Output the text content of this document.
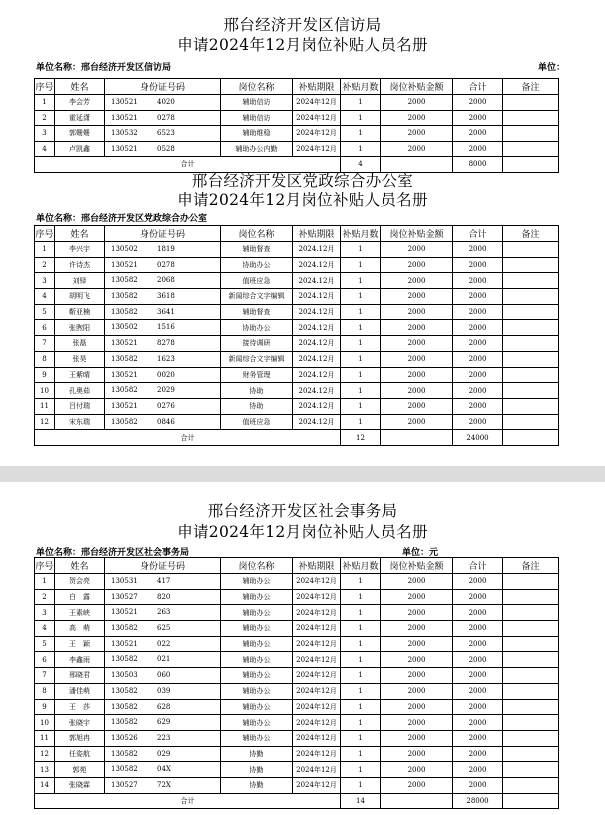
邢台经济开发区信访局
申请2024年12月岗位补贴人员名册
单位名称：邢台经济开发区信访局	单位：
序号	姓名	身份证号码	岗位名称	补贴期限	补贴月数	岗位补贴金额	合计	备注
1	李会芳	130521 4020	辅助信访	2024年12月	1	2000	2000	
2	霍延潇	130521 0278	辅助信访	2024年12月	1	2000	2000	
3	郭姗姗	130532 6523	辅助维稳	2024年12月	1	2000	2000	
4	卢凯鑫	130521 0528	辅助办公内勤	2024年12月	1	2000	2000	
合计					4		8000	
邢台经济开发区党政综合办公室
申请2024年12月岗位补贴人员名册
单位名称：邢台经济开发区党政综合办公室
序号	姓名	身份证号码	岗位名称	补贴期限	补贴月数	岗位补贴金额	合计	备注
1	李兴宇	130502 1819	辅助督查	2024.12月	1	2000	2000	
2	许诗杰	130521 0278	协助办公	2024.12月	1	2000	2000	
3	刘铎	130582 2068	值班应急	2024.12月	1	2000	2000	
4	胡明飞	130582 3618	新闻综合文字编辑	2024.12月	1	2000	2000	
5	靳亚楠	130582 3641	辅助督查	2024.12月	1	2000	2000	
6	张煦阳	130502 1516	协助办公	2024.12月	1	2000	2000	
7	张磊	130521 8278	接待调研	2024.12月	1	2000	2000	
8	张昊	130582 1623	新闻综合文字编辑	2024.12月	1	2000	2000	
9	王紫晴	130521 0020	财务管理	2024.12月	1	2000	2000	
10	孔奥茹	130582 2029	协助	2024.12月	1	2000	2000	
11	吕付瑞	130521 0276	协助	2024.12月	1	2000	2000	
12	宋东瑞	130582 0846	值班应急	2024.12月	1	2000	2000	
合计					12		24000	
邢台经济开发区社会事务局
申请2024年12月岗位补贴人员名册
单位名称：邢台经济开发区社会事务局	单位：元
序号	姓名	身份证号码	岗位名称	补贴期限	补贴月数	岗位补贴金额	合计	备注
1	贺会亮	130531 417	辅助办公	2024年12月	1	2000	2000	
2	白　露	130527 820	辅助办公	2024年12月	1	2000	2000	
3	王素峡	130521 263	辅助办公	2024年12月	1	2000	2000	
4	高　萌	130582 625	辅助办公	2024年12月	1	2000	2000	
5	王　颖	130521 022	辅助办公	2024年12月	1	2000	2000	
6	李鑫雨	130582 021	辅助办公	2024年12月	1	2000	2000	
7	邢晓君	130503 060	辅助办公	2024年12月	1	2000	2000	
8	潘佳萌	130582 039	辅助办公	2024年12月	1	2000	2000	
9	王　莎	130582 628	辅助办公	2024年12月	1	2000	2000	
10	张晓宇	130582 629	辅助办公	2024年12月	1	2000	2000	
11	郭旭冉	130526 223	辅助办公	2024年12月	1	2000	2000	
12	任姿航	130582 029	协勤	2024年12月	1	2000	2000	
13	郭苑	130582 04X	协勤	2024年12月	1	2000	2000	
14	张晓霖	130527 72X	协勤	2024年12月	1	2000	2000	
合计					14		28000	
